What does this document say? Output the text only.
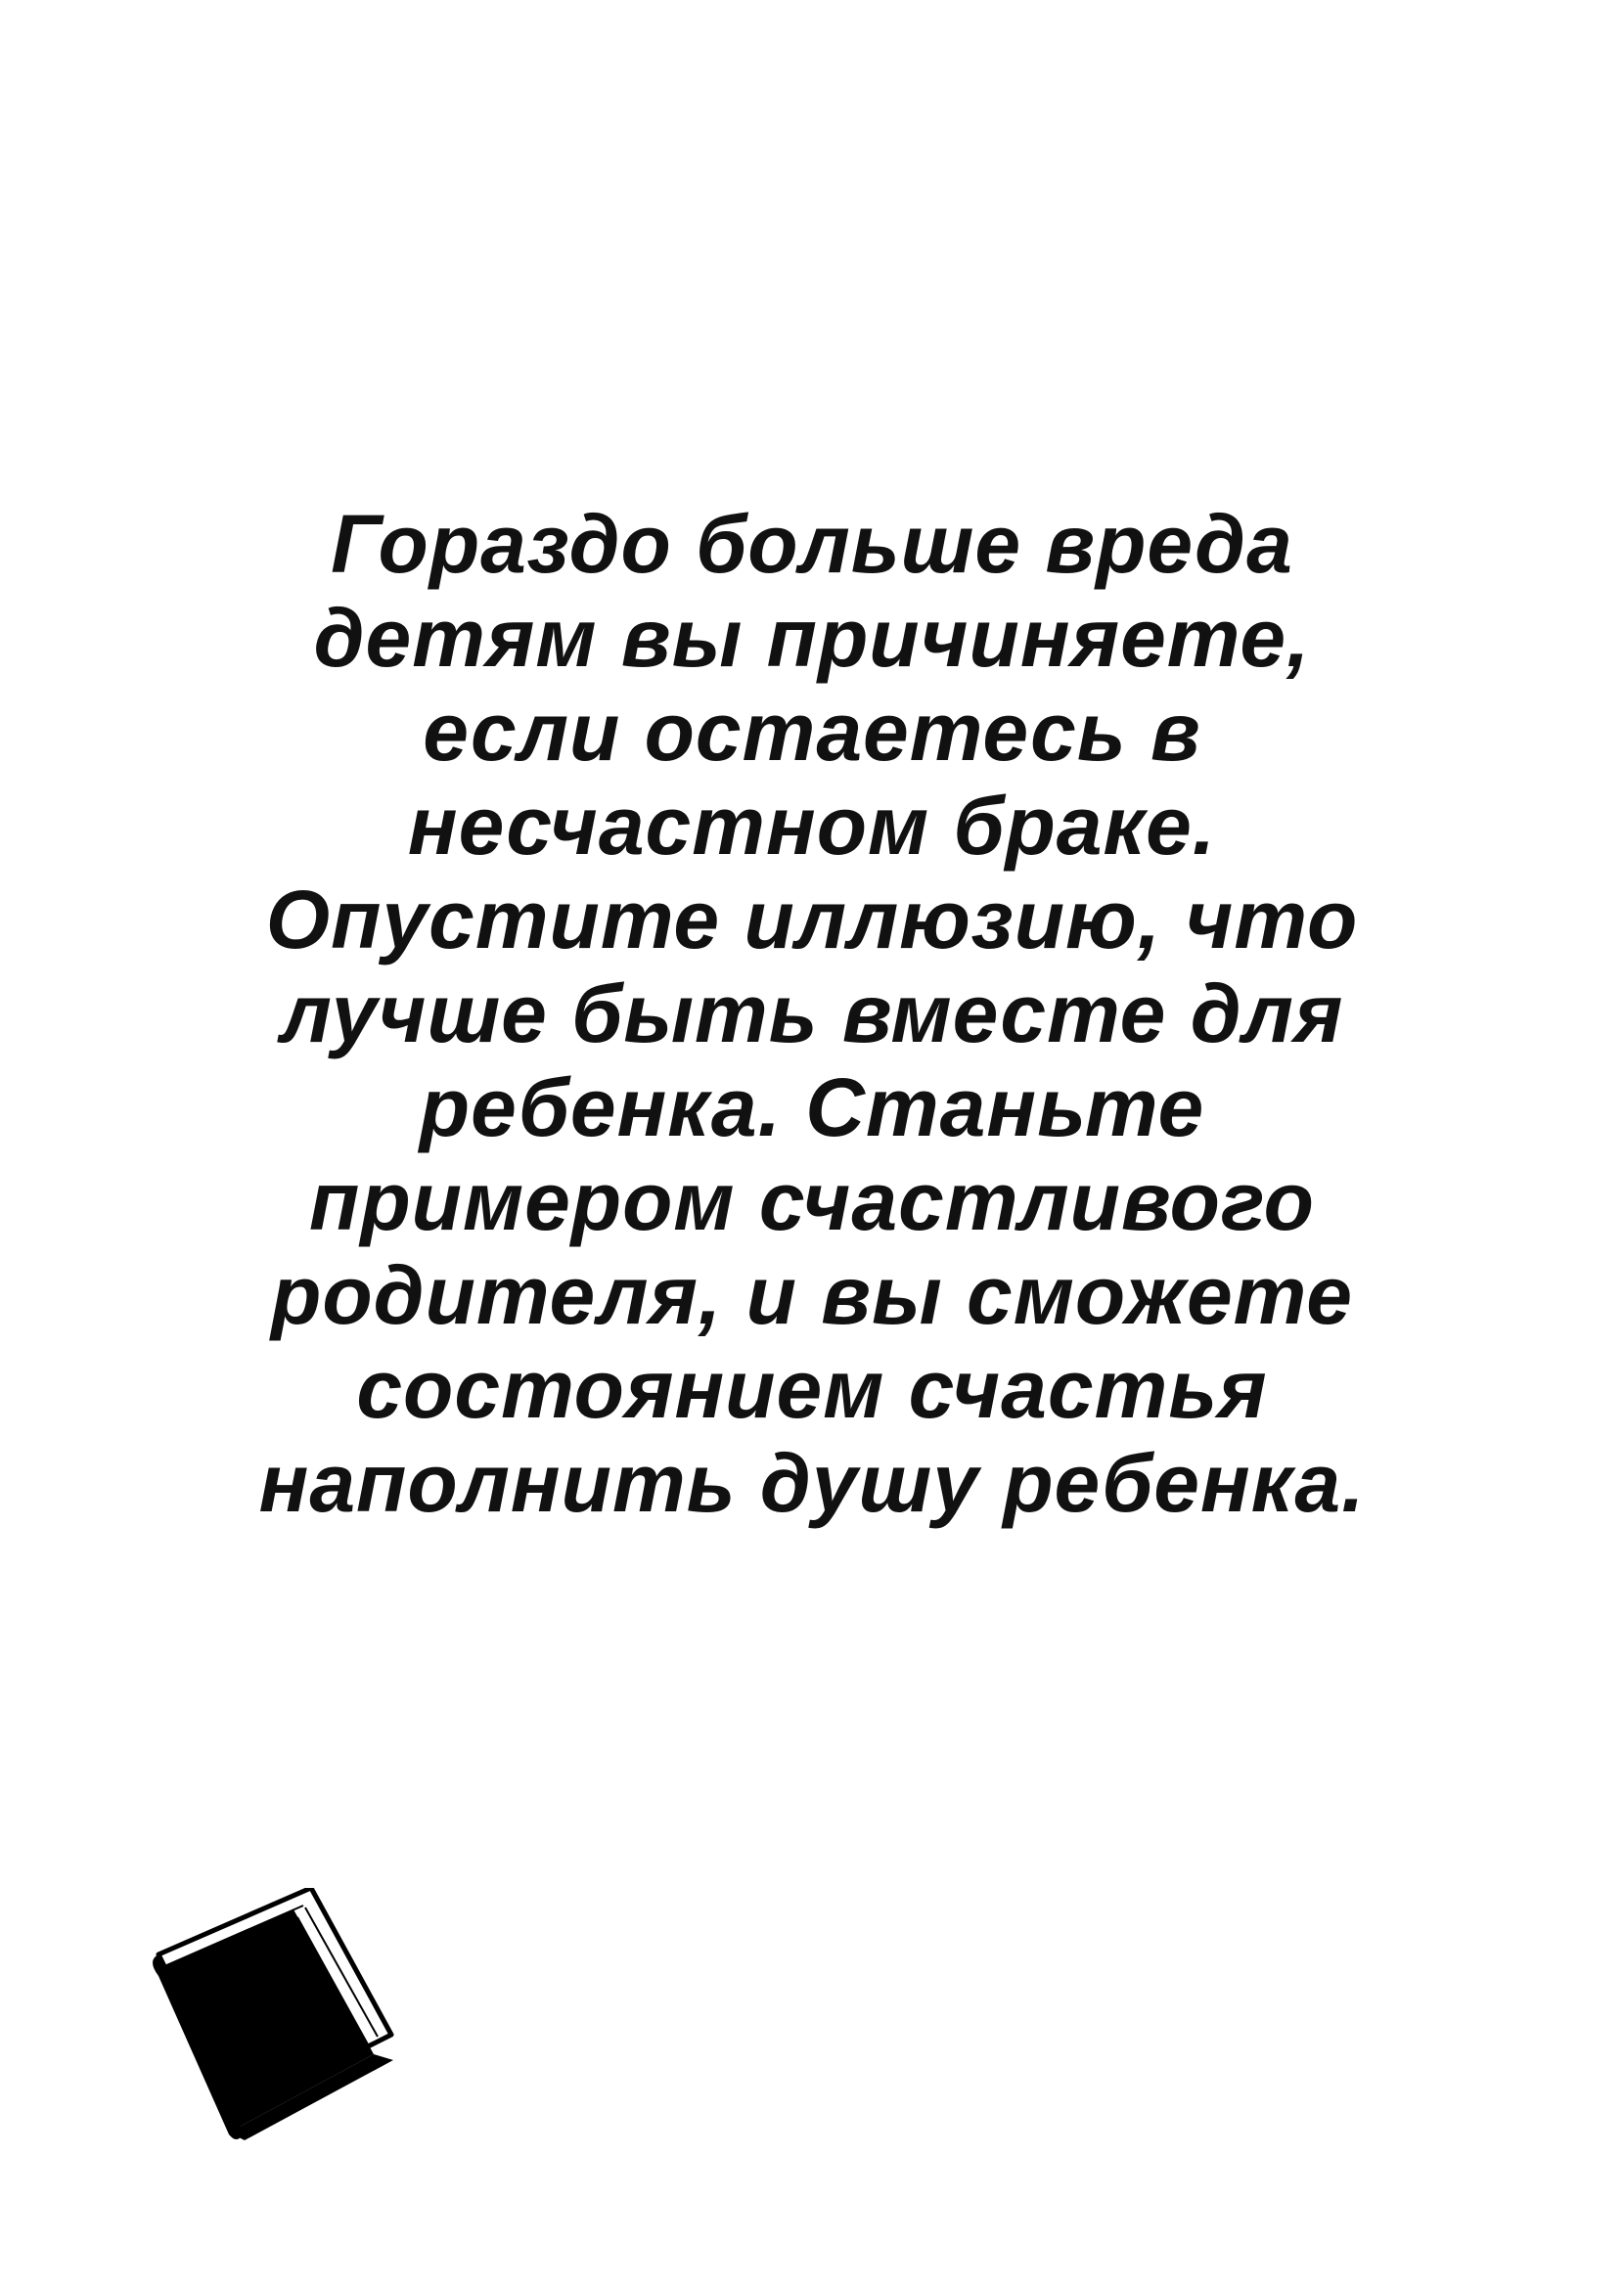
Гораздо больше вреда
детям вы причиняете,
если остаетесь в
несчастном браке.
Опустите иллюзию, что
лучше быть вместе для
ребенка. Станьте
примером счастливого
родителя, и вы сможете
состоянием счастья
наполнить душу ребенка.
